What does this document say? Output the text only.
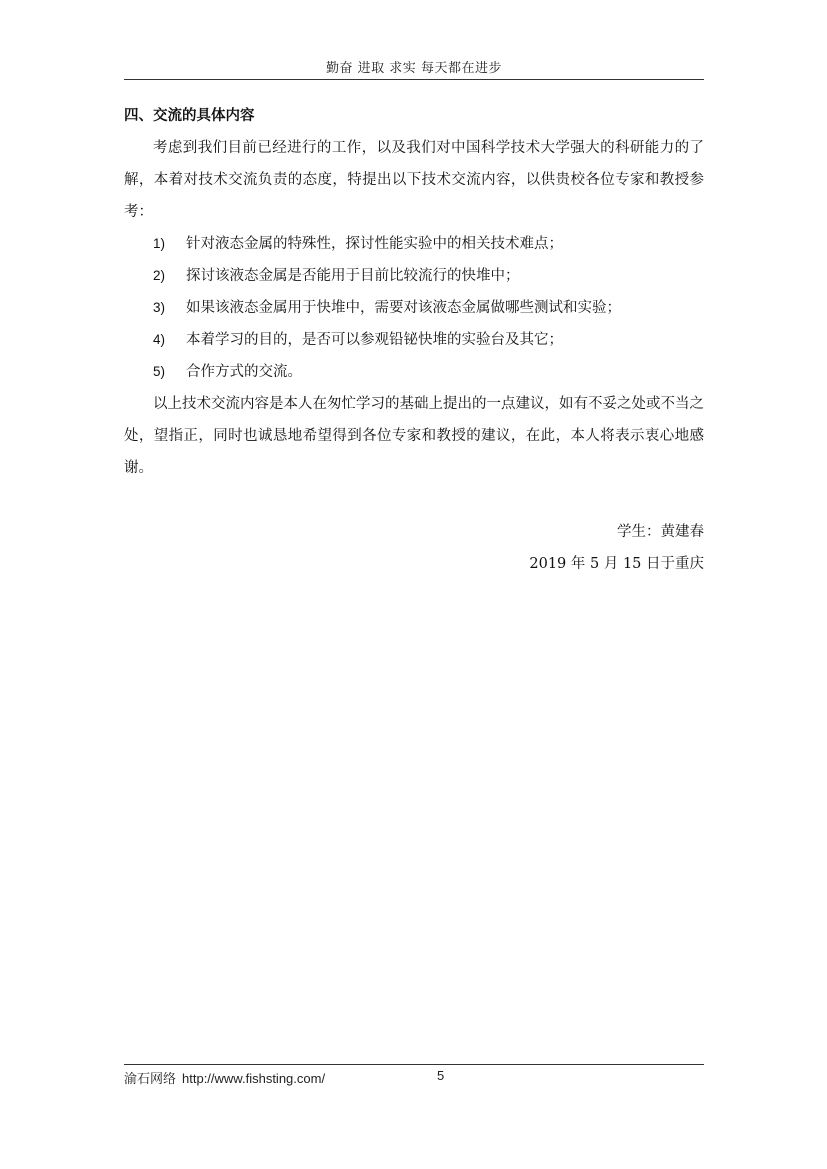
勤奋 进取 求实 每天都在进步

四、交流的具体内容

考虑到我们目前已经进行的工作，以及我们对中国科学技术大学强大的科研能力的了解，本着对技术交流负责的态度，特提出以下技术交流内容，以供贵校各位专家和教授参考：

1)	针对液态金属的特殊性，探讨性能实验中的相关技术难点；
2)	探讨该液态金属是否能用于目前比较流行的快堆中；
3)	如果该液态金属用于快堆中，需要对该液态金属做哪些测试和实验；
4)	本着学习的目的，是否可以参观铅铋快堆的实验台及其它；
5)	合作方式的交流。

以上技术交流内容是本人在匆忙学习的基础上提出的一点建议，如有不妥之处或不当之处，望指正，同时也诚恳地希望得到各位专家和教授的建议，在此，本人将表示衷心地感谢。

学生：黄建春

2019 年 5 月 15 日于重庆

渝石网络 http://www.fishsting.com/	5
